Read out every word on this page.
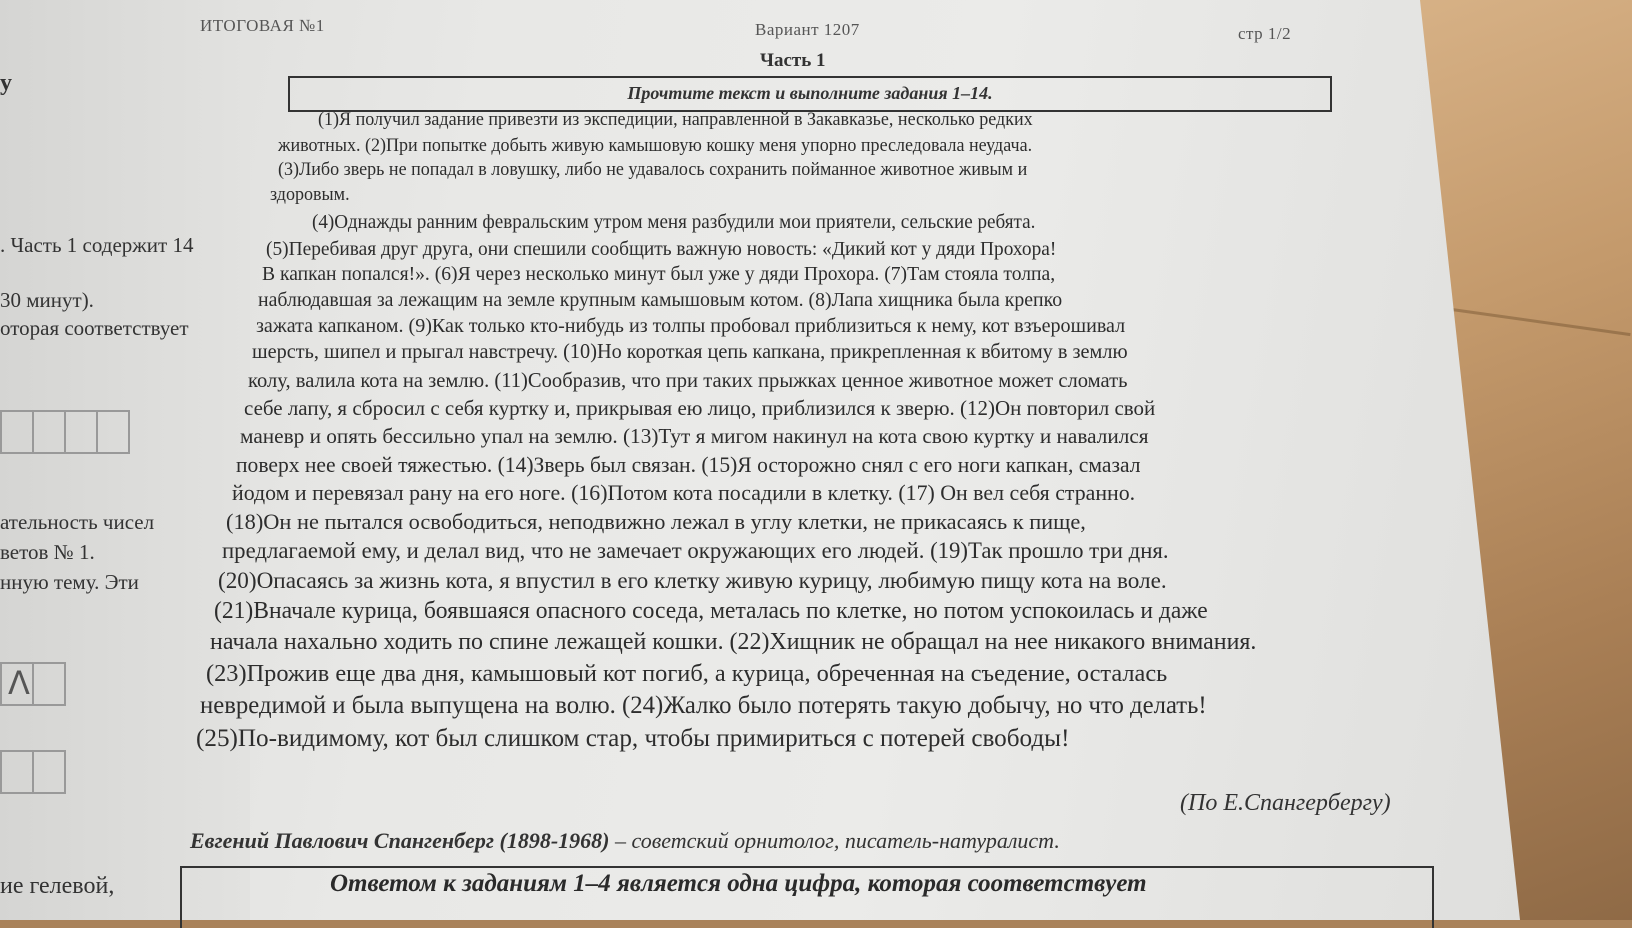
у
. Часть 1 содержит 14
30 минут).
оторая соответствует
ательность чисел
ветов № 1.
нную тему. Эти
Λ
ие гелевой,
ИТОГОВАЯ №1	Вариант 1207	стр 1/2
Часть 1
Прочтите текст и выполните задания 1–14.
(1)Я получил задание привезти из экспедиции, направленной в Закавказье, несколько редких
животных. (2)При попытке добыть живую камышовую кошку меня упорно преследовала неудача.
(3)Либо зверь не попадал в ловушку, либо не удавалось сохранить пойманное животное живым и
здоровым.
(4)Однажды ранним февральским утром меня разбудили мои приятели, сельские ребята.
(5)Перебивая друг друга, они спешили сообщить важную новость: «Дикий кот у дяди Прохора!
В капкан попался!». (6)Я через несколько минут был уже у дяди Прохора. (7)Там стояла толпа,
наблюдавшая за лежащим на земле крупным камышовым котом. (8)Лапа хищника была крепко
зажата капканом. (9)Как только кто-нибудь из толпы пробовал приблизиться к нему, кот взъерошивал
шерсть, шипел и прыгал навстречу. (10)Но короткая цепь капкана, прикрепленная к вбитому в землю
колу, валила кота на землю. (11)Сообразив, что при таких прыжках ценное животное может сломать
себе лапу, я сбросил с себя куртку и, прикрывая ею лицо, приблизился к зверю. (12)Он повторил свой
маневр и опять бессильно упал на землю. (13)Тут я мигом накинул на кота свою куртку и навалился
поверх нее своей тяжестью. (14)Зверь был связан. (15)Я осторожно снял с его ноги капкан, смазал
йодом и перевязал рану на его ноге. (16)Потом кота посадили в клетку. (17) Он вел себя странно.
(18)Он не пытался освободиться, неподвижно лежал в углу клетки, не прикасаясь к пище,
предлагаемой ему, и делал вид, что не замечает окружающих его людей. (19)Так прошло три дня.
(20)Опасаясь за жизнь кота, я впустил в его клетку живую курицу, любимую пищу кота на воле.
(21)Вначале курица, боявшаяся опасного соседа, металась по клетке, но потом успокоилась и даже
начала нахально ходить по спине лежащей кошки. (22)Хищник не обращал на нее никакого внимания.
(23)Прожив еще два дня, камышовый кот погиб, а курица, обреченная на съедение, осталась
невредимой и была выпущена на волю. (24)Жалко было потерять такую добычу, но что делать!
(25)По-видимому, кот был слишком стар, чтобы примириться с потерей свободы!
(По Е.Спангербергу)
Евгений Павлович Спангенберг (1898-1968) – советский орнитолог, писатель-натуралист.
Ответом к заданиям 1–4 является одна цифра, которая соответствует
